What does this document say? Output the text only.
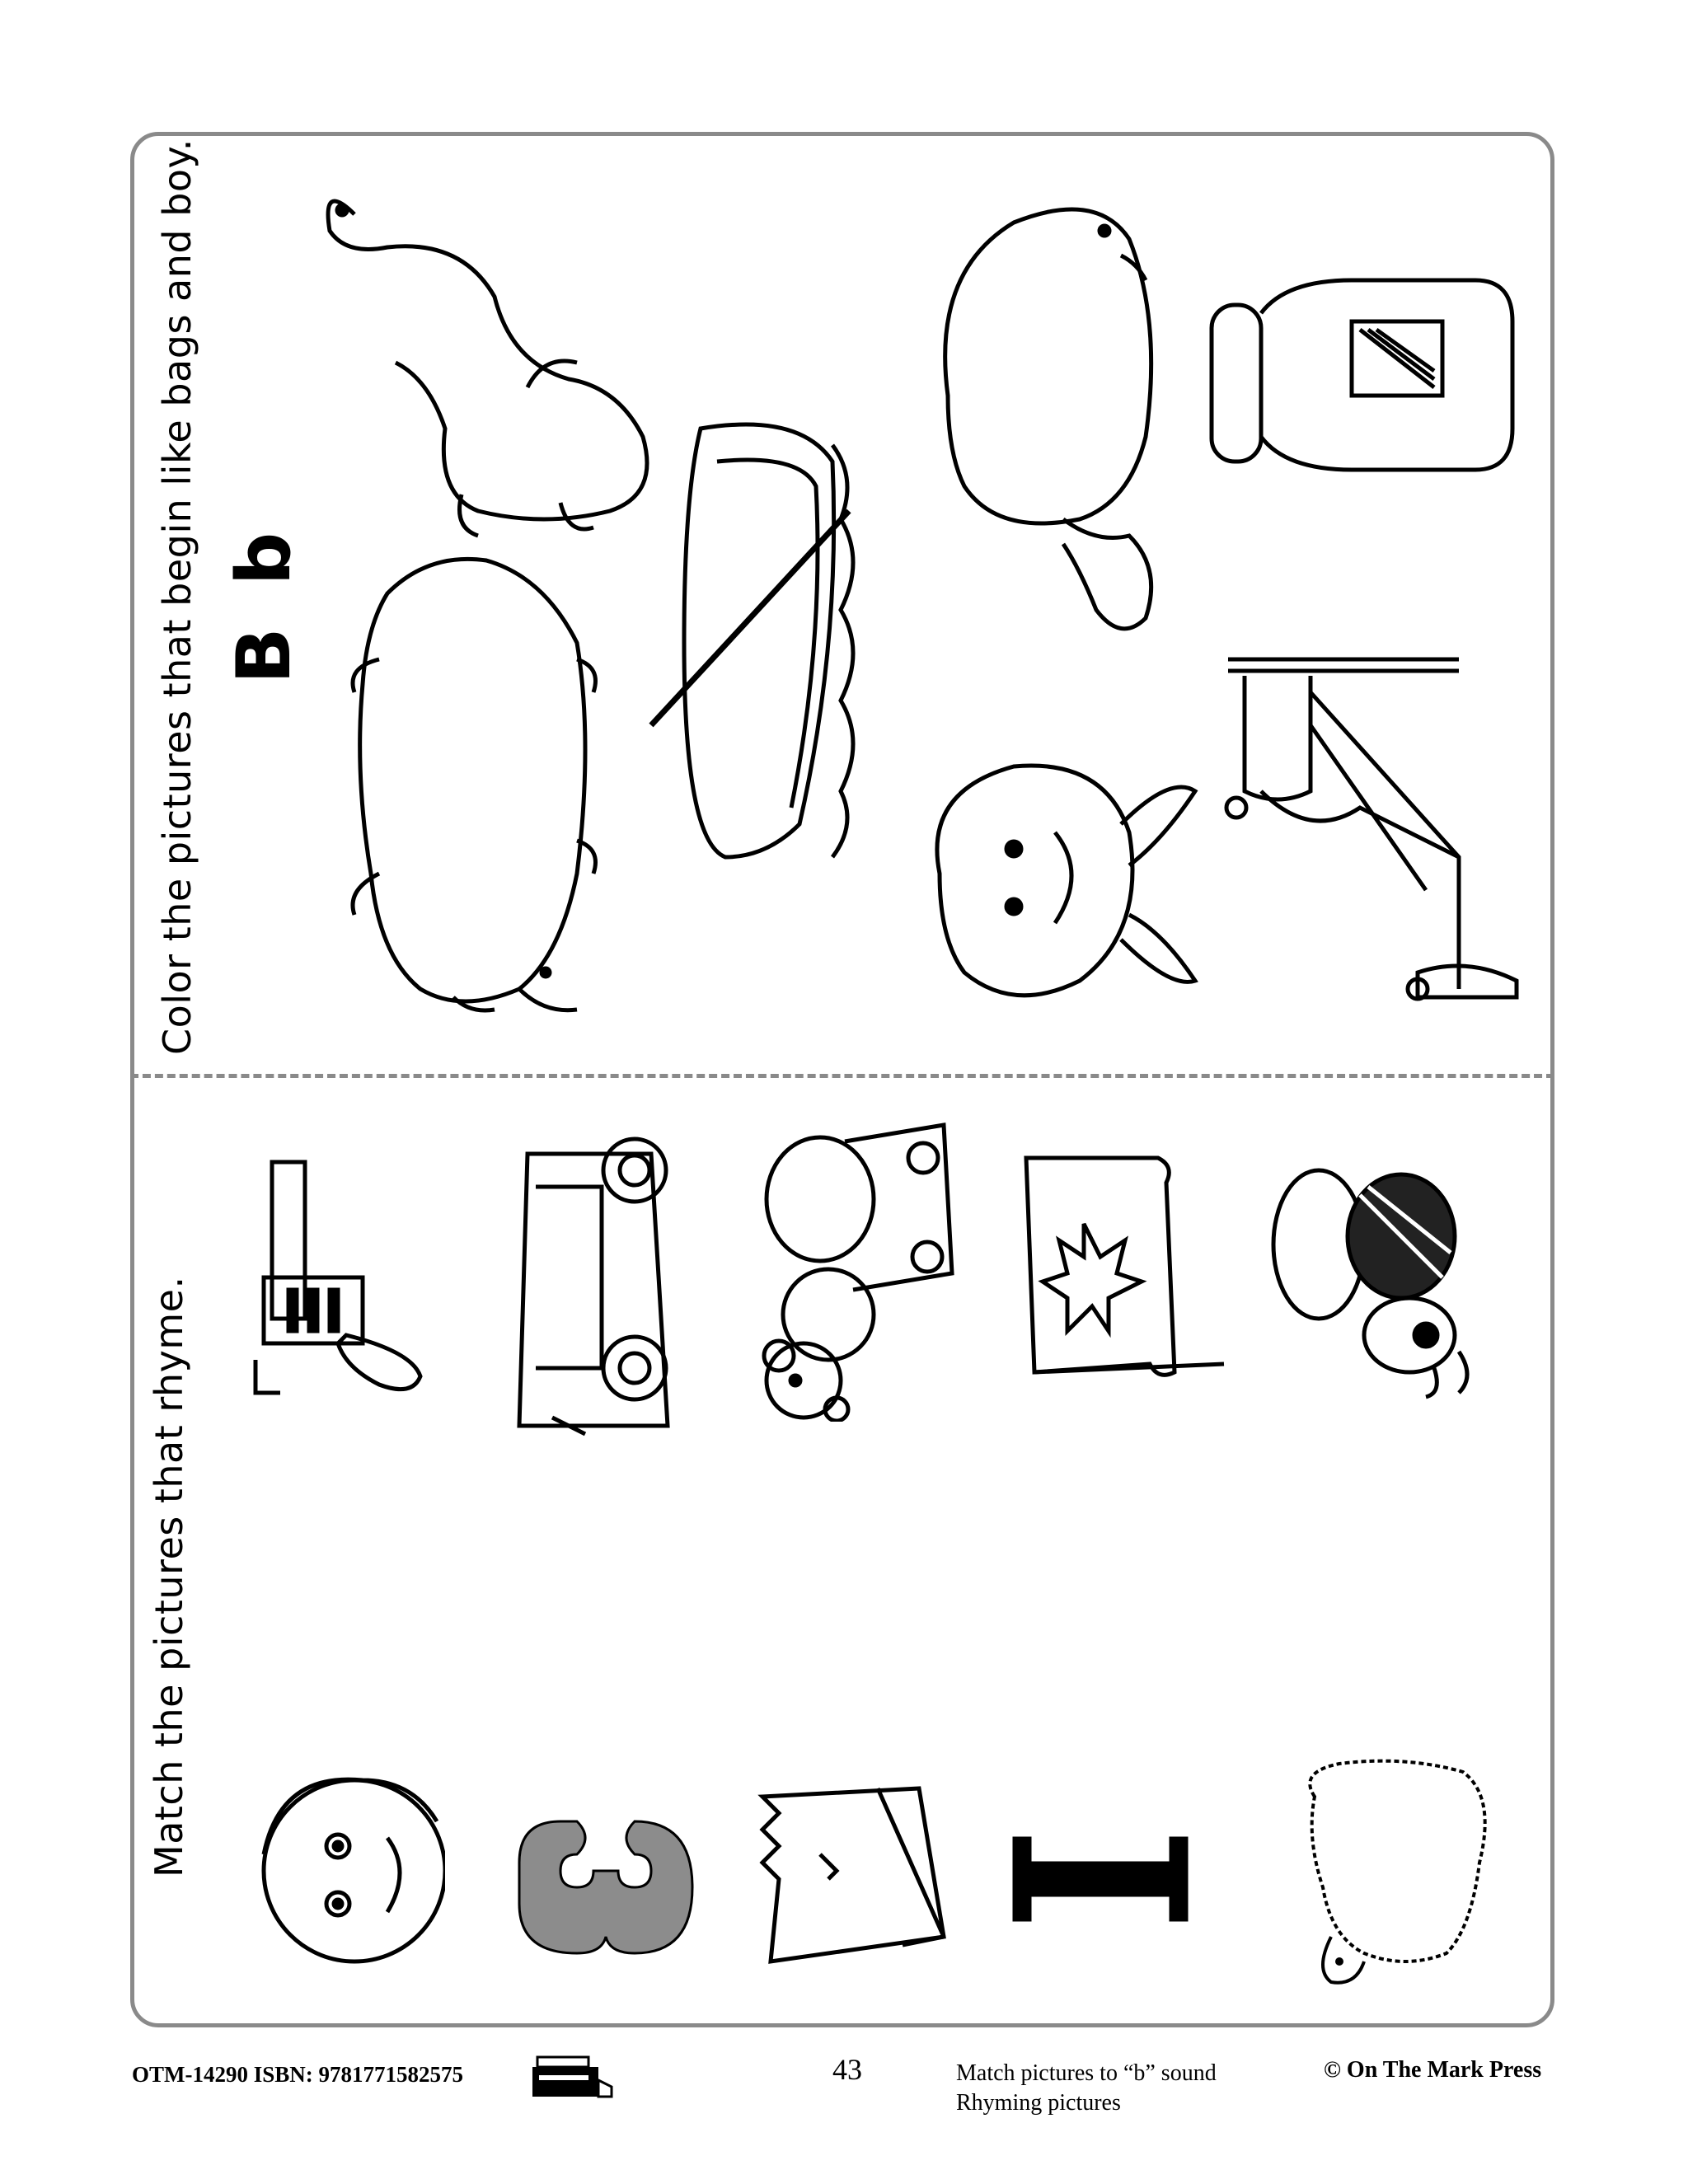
Color the pictures that begin like bags and boy. B b
Match the pictures that rhyme.
OTM-14290 ISBN: 9781771582575	43	Match pictures to “b” sound
Rhyming pictures
© On The Mark Press
